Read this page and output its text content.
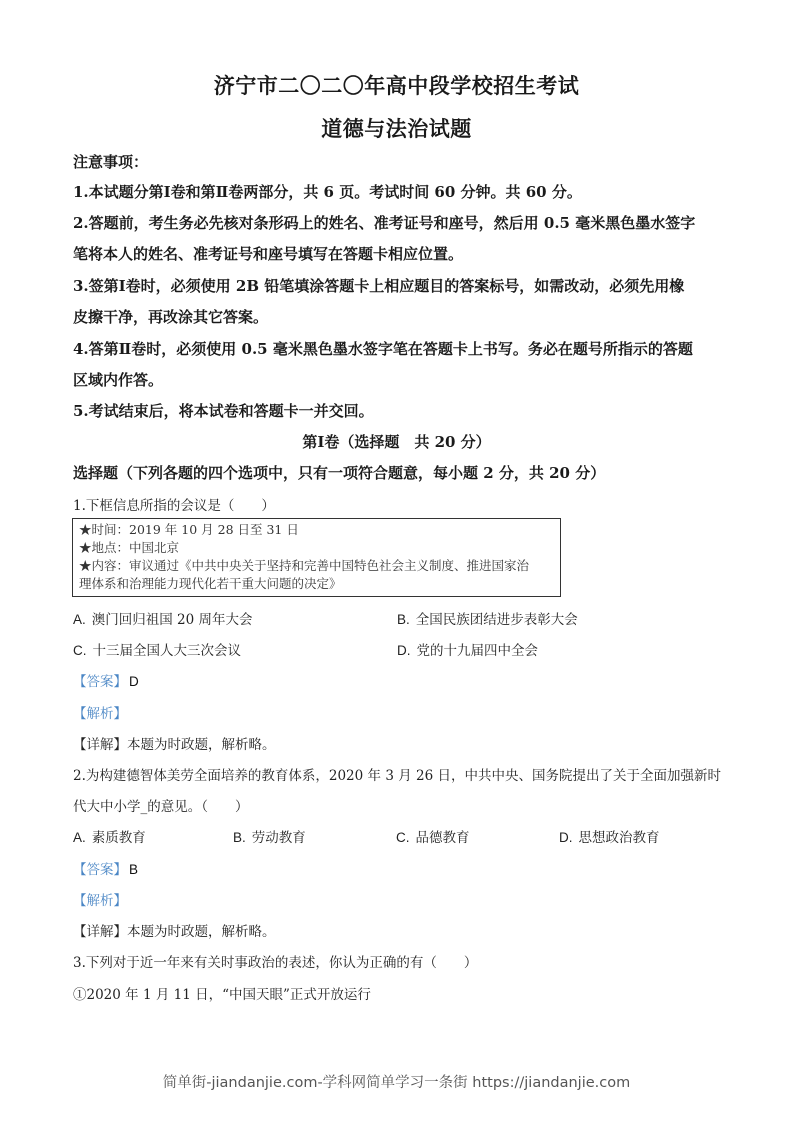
济宁市二〇二〇年高中段学校招生考试
道德与法治试题
注意事项：
1.本试题分第Ⅰ卷和第Ⅱ卷两部分，共 6 页。考试时间 60 分钟。共 60 分。
2.答题前，考生务必先核对条形码上的姓名、准考证号和座号，然后用 0.5 毫米黑色墨水签字
笔将本人的姓名、准考证号和座号填写在答题卡相应位置。
3.签第Ⅰ卷时，必须使用 2B 铅笔填涂答题卡上相应题目的答案标号，如需改动，必须先用橡
皮擦干净，再改涂其它答案。
4.答第Ⅱ卷时，必须使用 0.5 毫米黑色墨水签字笔在答题卡上书写。务必在题号所指示的答题
区域内作答。
5.考试结束后，将本试卷和答题卡一并交回。
第Ⅰ卷（选择题　共 20 分）
选择题（下列各题的四个选项中，只有一项符合题意，每小题 2 分，共 20 分）
1.下框信息所指的会议是（　　）
★时间：2019 年 10 月 28 日至 31 日
★地点：中国北京
★内容：审议通过《中共中央关于坚持和完善中国特色社会主义制度、推进国家治
理体系和治理能力现代化若干重大问题的决定》
A. 澳门回归祖国 20 周年大会	B. 全国民族团结进步表彰大会
C. 十三届全国人大三次会议	D. 党的十九届四中全会
【答案】 D
【解析】
【详解】本题为时政题，解析略。
2.为构建德智体美劳全面培养的教育体系，2020 年 3 月 26 日，中共中央、国务院提出了关于全面加强新时
代大中小学_的意见。（　　）
A. 素质教育	B. 劳动教育	C. 品德教育	D. 思想政治教育
【答案】 B
【解析】
【详解】本题为时政题，解析略。
3.下列对于近一年来有关时事政治的表述，你认为正确的有（　　）
①2020 年 1 月 11 日，“中国天眼”正式开放运行
简单街-jiandanjie.com-学科网简单学习一条街 https://jiandanjie.com
